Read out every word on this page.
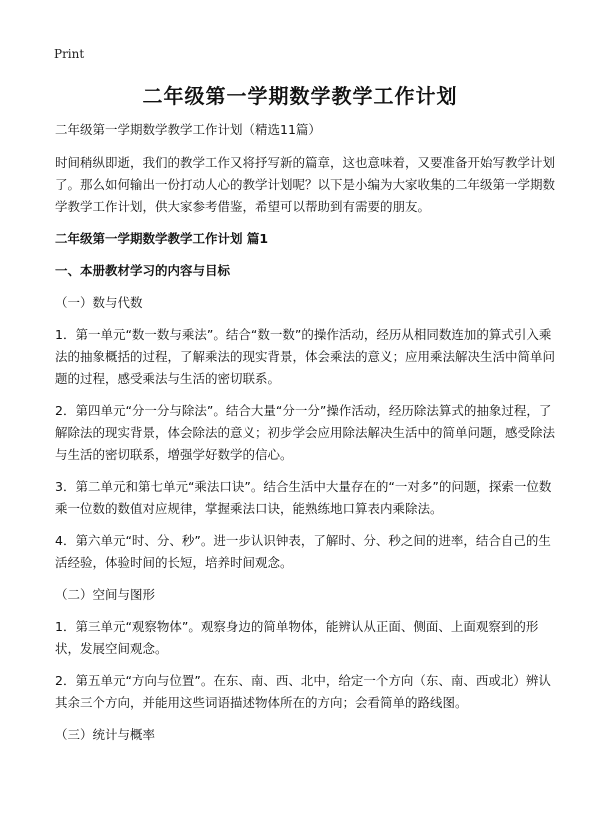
Print
二年级第一学期数学教学工作计划

二年级第一学期数学教学工作计划（精选11篇）

时间稍纵即逝，我们的教学工作又将抒写新的篇章，这也意味着，又要准备开始写教学计划了。那么如何输出一份打动人心的教学计划呢？以下是小编为大家收集的二年级第一学期数学教学工作计划，供大家参考借鉴，希望可以帮助到有需要的朋友。

二年级第一学期数学教学工作计划 篇1

一、本册教材学习的内容与目标

（一）数与代数

1．第一单元“数一数与乘法”。结合“数一数”的操作活动，经历从相同数连加的算式引入乘法的抽象概括的过程，了解乘法的现实背景，体会乘法的意义；应用乘法解决生活中简单问题的过程，感受乘法与生活的密切联系。

2．第四单元“分一分与除法”。结合大量“分一分”操作活动，经历除法算式的抽象过程，了解除法的现实背景，体会除法的意义；初步学会应用除法解决生活中的简单问题，感受除法与生活的密切联系，增强学好数学的信心。

3．第二单元和第七单元“乘法口诀”。结合生活中大量存在的“一对多”的问题，探索一位数乘一位数的数值对应规律，掌握乘法口诀，能熟练地口算表内乘除法。

4．第六单元“时、分、秒”。进一步认识钟表，了解时、分、秒之间的进率，结合自己的生活经验，体验时间的长短，培养时间观念。

（二）空间与图形

1．第三单元“观察物体”。观察身边的简单物体，能辨认从正面、侧面、上面观察到的形状，发展空间观念。

2．第五单元“方向与位置”。在东、南、西、北中，给定一个方向（东、南、西或北）辨认其余三个方向，并能用这些词语描述物体所在的方向；会看简单的路线图。

（三）统计与概率
